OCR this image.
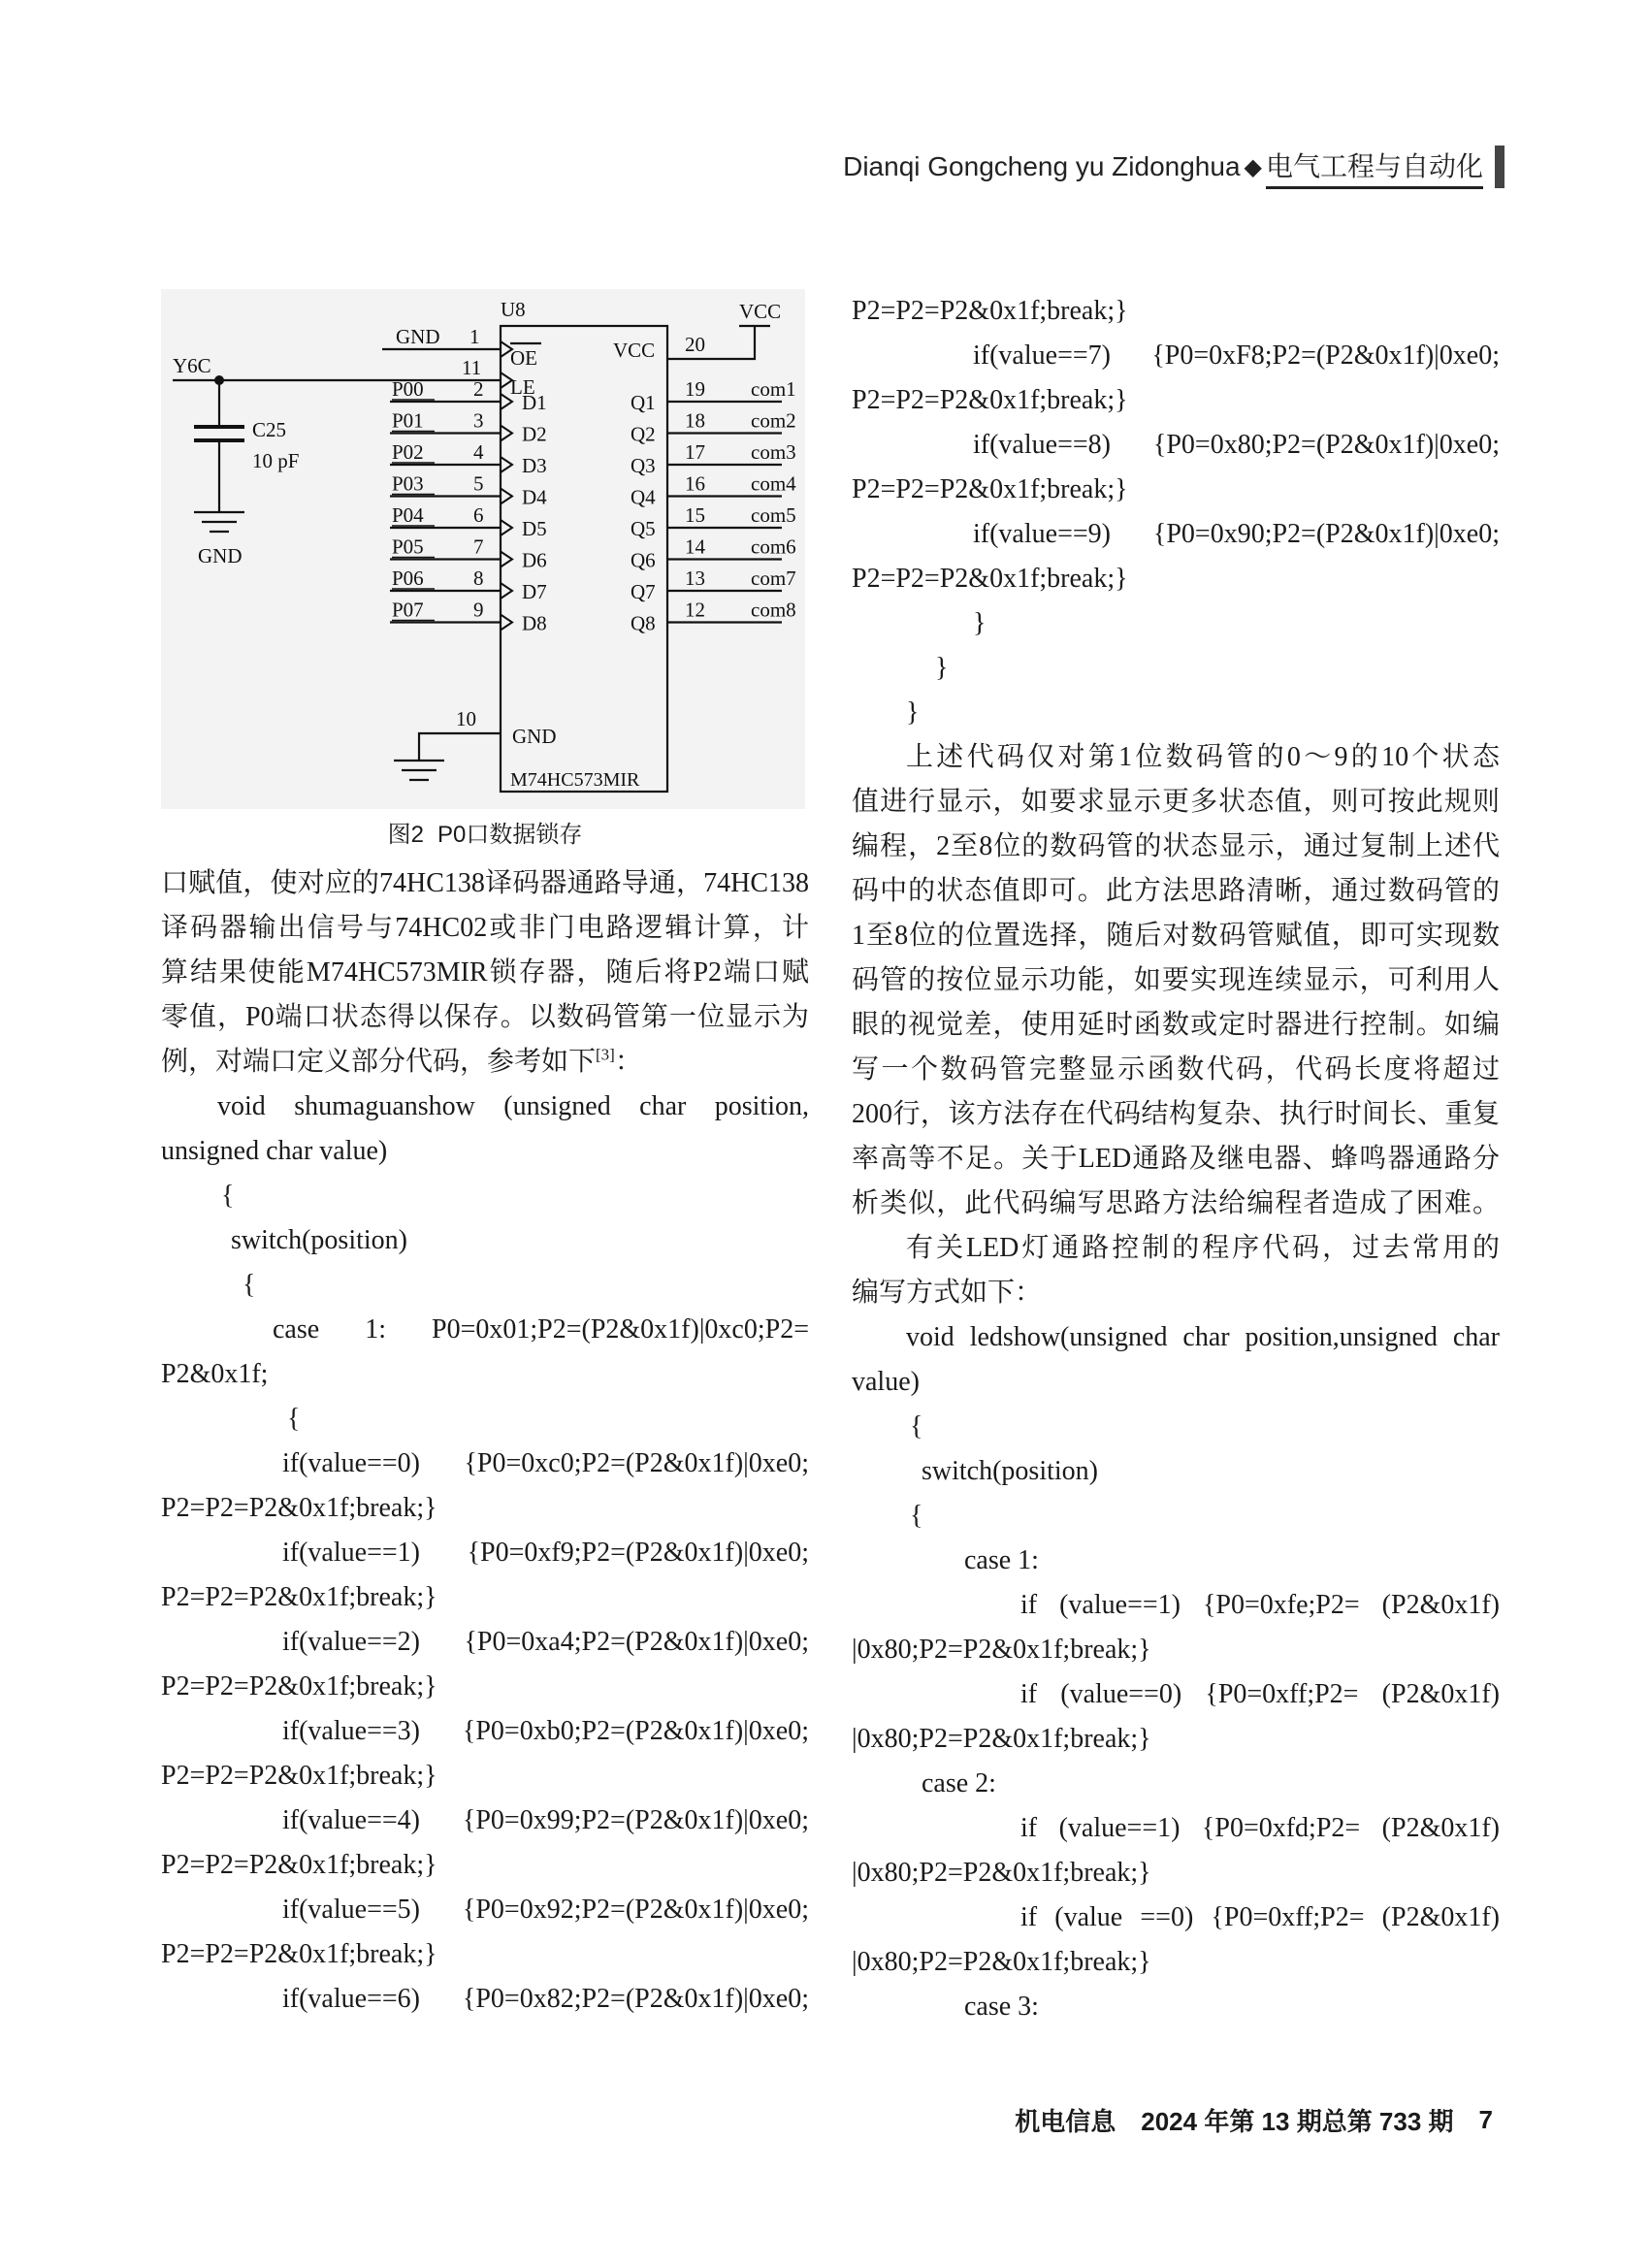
Dianqi Gongcheng yu Zidonghua ◆ 电气工程与自动化
P00 2
D1
P01 3
D2
P02 4
D3
P03 5
D4
P04 6
D5
P05 7
D6
P06 8
D7
P07 9
D8
Q1
19 com1
Q2
18 com2
Q3
17 com3
Q4
16 com4
Q5
15 com5
Q6
14 com6
Q7
13 com7
Q8
12 com8
U8	VCC
20
VCC
GND 1
OE
Y6C	11
LE
C25
10 pF
GND
10
GND
M74HC573MIR
图2 P0口数据锁存
口赋值，使对应的74HC138译码器通路导通，74HC138
译码器输出信号与74HC02或非门电路逻辑计算，计
算结果使能M74HC573MIR锁存器，随后将P2端口赋
零值，P0端口状态得以保存。以数码管第一位显示为
例，对端口定义部分代码，参考如下[3]：
void shumaguanshow (unsigned char position,
unsigned char value)
{
switch(position)
{
case 1: P0=0x01;P2=(P2&0x1f)|0xc0;P2=
P2&0x1f;
{
if(value==0) {P0=0xc0;P2=(P2&0x1f)|0xe0;
P2=P2=P2&0x1f;break;}
if(value==1) {P0=0xf9;P2=(P2&0x1f)|0xe0;
P2=P2=P2&0x1f;break;}
if(value==2) {P0=0xa4;P2=(P2&0x1f)|0xe0;
P2=P2=P2&0x1f;break;}
if(value==3) {P0=0xb0;P2=(P2&0x1f)|0xe0;
P2=P2=P2&0x1f;break;}
if(value==4) {P0=0x99;P2=(P2&0x1f)|0xe0;
P2=P2=P2&0x1f;break;}
if(value==5) {P0=0x92;P2=(P2&0x1f)|0xe0;
P2=P2=P2&0x1f;break;}
if(value==6) {P0=0x82;P2=(P2&0x1f)|0xe0;
P2=P2=P2&0x1f;break;}
if(value==7) {P0=0xF8;P2=(P2&0x1f)|0xe0;
P2=P2=P2&0x1f;break;}
if(value==8) {P0=0x80;P2=(P2&0x1f)|0xe0;
P2=P2=P2&0x1f;break;}
if(value==9) {P0=0x90;P2=(P2&0x1f)|0xe0;
P2=P2=P2&0x1f;break;}
}
}
}
上述代码仅对第1位数码管的0～9的10个状态
值进行显示，如要求显示更多状态值，则可按此规则
编程，2至8位的数码管的状态显示，通过复制上述代
码中的状态值即可。此方法思路清晰，通过数码管的
1至8位的位置选择，随后对数码管赋值，即可实现数
码管的按位显示功能，如要实现连续显示，可利用人
眼的视觉差，使用延时函数或定时器进行控制。如编
写一个数码管完整显示函数代码，代码长度将超过
200行，该方法存在代码结构复杂、执行时间长、重复
率高等不足。关于LED通路及继电器、蜂鸣器通路分
析类似，此代码编写思路方法给编程者造成了困难。
有关LED灯通路控制的程序代码，过去常用的
编写方式如下：
void ledshow(unsigned char position,unsigned char
value)
{
switch(position)
{
case 1:
if (value==1) {P0=0xfe;P2= (P2&0x1f)
|0x80;P2=P2&0x1f;break;}
if (value==0) {P0=0xff;P2= (P2&0x1f)
|0x80;P2=P2&0x1f;break;}
case 2:
if (value==1) {P0=0xfd;P2= (P2&0x1f)
|0x80;P2=P2&0x1f;break;}
if (value ==0) {P0=0xff;P2= (P2&0x1f)
|0x80;P2=P2&0x1f;break;}
case 3:
机电信息 2024 年第 13 期总第 733 期 7
